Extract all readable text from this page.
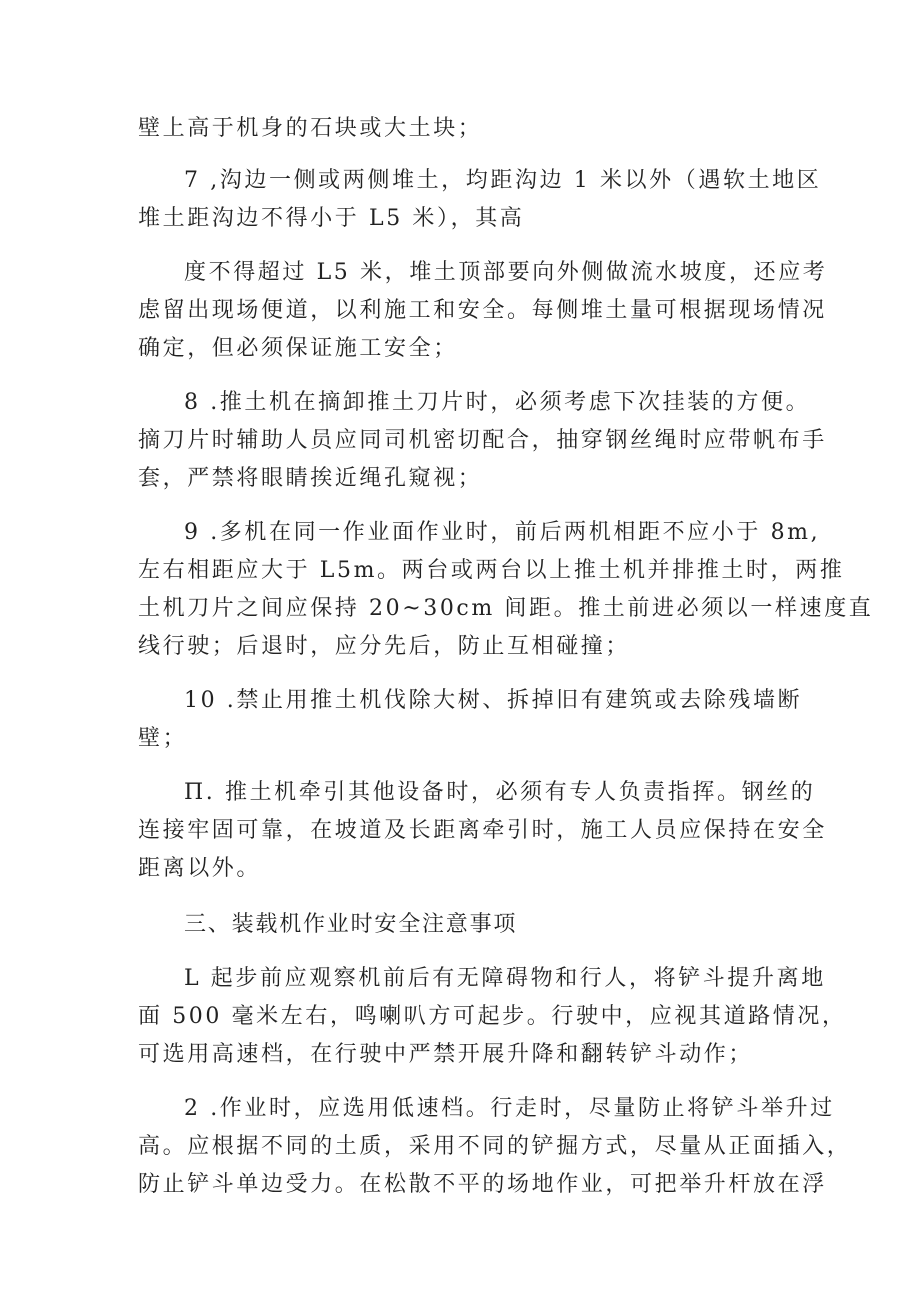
壁上高于机身的石块或大土块；
7 ,沟边一侧或两侧堆土，均距沟边 1 米以外（遇软土地区
堆土距沟边不得小于 L5 米），其高
度不得超过 L5 米，堆土顶部要向外侧做流水坡度，还应考
虑留出现场便道，以利施工和安全。每侧堆土量可根据现场情况
确定，但必须保证施工安全；
8 .推土机在摘卸推土刀片时，必须考虑下次挂装的方便。
摘刀片时辅助人员应同司机密切配合，抽穿钢丝绳时应带帆布手
套，严禁将眼睛挨近绳孔窥视；
9 .多机在同一作业面作业时，前后两机相距不应小于 8m,
左右相距应大于 L5m。两台或两台以上推土机并排推土时，两推
土机刀片之间应保持 20~30cm 间距。推土前进必须以一样速度直
线行驶；后退时，应分先后，防止互相碰撞；
10 .禁止用推土机伐除大树、拆掉旧有建筑或去除残墙断
壁；
Π. 推土机牵引其他设备时，必须有专人负责指挥。钢丝的
连接牢固可靠，在坡道及长距离牵引时，施工人员应保持在安全
距离以外。
三、装载机作业时安全注意事项
L 起步前应观察机前后有无障碍物和行人，将铲斗提升离地
面 500 毫米左右，鸣喇叭方可起步。行驶中，应视其道路情况，
可选用高速档，在行驶中严禁开展升降和翻转铲斗动作；
2 .作业时，应选用低速档。行走时，尽量防止将铲斗举升过
高。应根据不同的土质，采用不同的铲掘方式，尽量从正面插入，
防止铲斗单边受力。在松散不平的场地作业，可把举升杆放在浮
